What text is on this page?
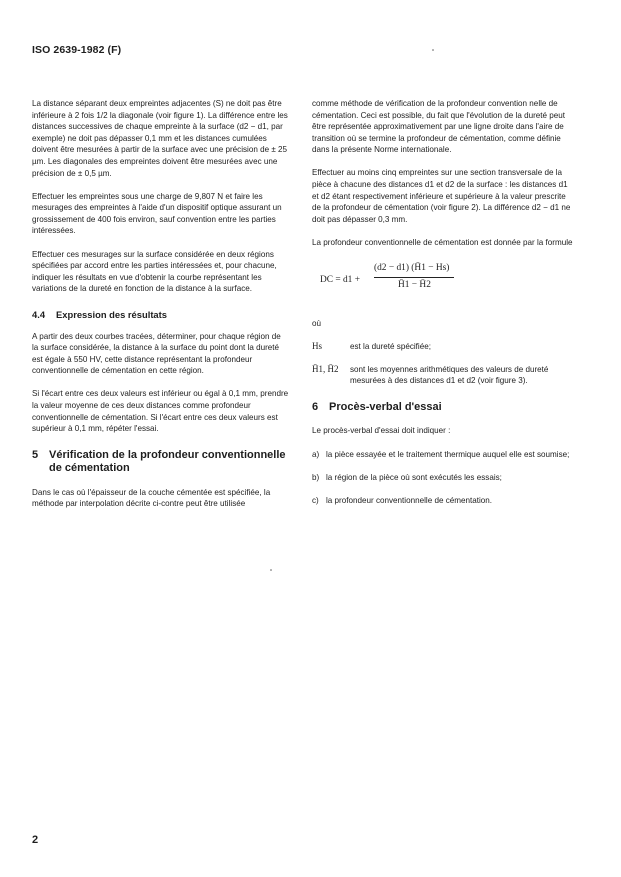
ISO 2639-1982 (F)

La distance séparant deux empreintes adjacentes (S) ne doit pas être inférieure à 2 fois 1/2 la diagonale (voir figure 1). La différence entre les distances successives de chaque empreinte à la surface (d2 − d1, par exemple) ne doit pas dépasser 0,1 mm et les distances cumulées doivent être mesurées à partir de la surface avec une précision de ± 25 µm. Les diagonales des empreintes doivent être mesurées avec une précision de ± 0,5 µm.

Effectuer les empreintes sous une charge de 9,807 N et faire les mesurages des empreintes à l'aide d'un dispositif optique assurant un grossissement de 400 fois environ, sauf convention entre les parties intéressées.

Effectuer ces mesurages sur la surface considérée en deux régions spécifiées par accord entre les parties intéressées et, pour chacune, indiquer les résultats en vue d'obtenir la courbe représentant les variations de la dureté en fonction de la distance à la surface.

4.4 Expression des résultats

A partir des deux courbes tracées, déterminer, pour chaque région de la surface considérée, la distance à la surface du point dont la dureté est égale à 550 HV, cette distance représentant la profondeur conventionnelle de cémentation en cette région.

Si l'écart entre ces deux valeurs est inférieur ou égal à 0,1 mm, prendre la valeur moyenne de ces deux distances comme profondeur conventionnelle de cémentation. Si l'écart entre ces deux valeurs est supérieur à 0,1 mm, répéter l'essai.

5 Vérification de la profondeur conventionnelle de cémentation

Dans le cas où l'épaisseur de la couche cémentée est spécifiée, la méthode par interpolation décrite ci-contre peut être utilisée

comme méthode de vérification de la profondeur convention nelle de cémentation. Ceci est possible, du fait que l'évolution de la dureté peut être représentée approximativement par une ligne droite dans l'aire de transition où se termine la profondeur de cémentation, comme définie dans la présente Norme internationale.

Effectuer au moins cinq empreintes sur une section transversale de la pièce à chacune des distances d1 et d2 de la surface : les distances d1 et d2 étant respectivement inférieure et supérieure à la valeur prescrite de la profondeur de cémentation (voir figure 2). La différence d2 − d1 ne doit pas dépasser 0,3 mm.

La profondeur conventionnelle de cémentation est donnée par la formule

DC = d1 +
(d2 − d1) (H̄1 − Hs)
H̄1 − H̄2

où

Hs	est la dureté spécifiée;
H̄1, H̄2	sont les moyennes arithmétiques des valeurs de dureté mesurées à des distances d1 et d2 (voir figure 3).
6 Procès-verbal d'essai

Le procès-verbal d'essai doit indiquer :

a) la pièce essayée et le traitement thermique auquel elle est soumise;
b) la région de la pièce où sont exécutés les essais;
c) la profondeur conventionnelle de cémentation.
2
